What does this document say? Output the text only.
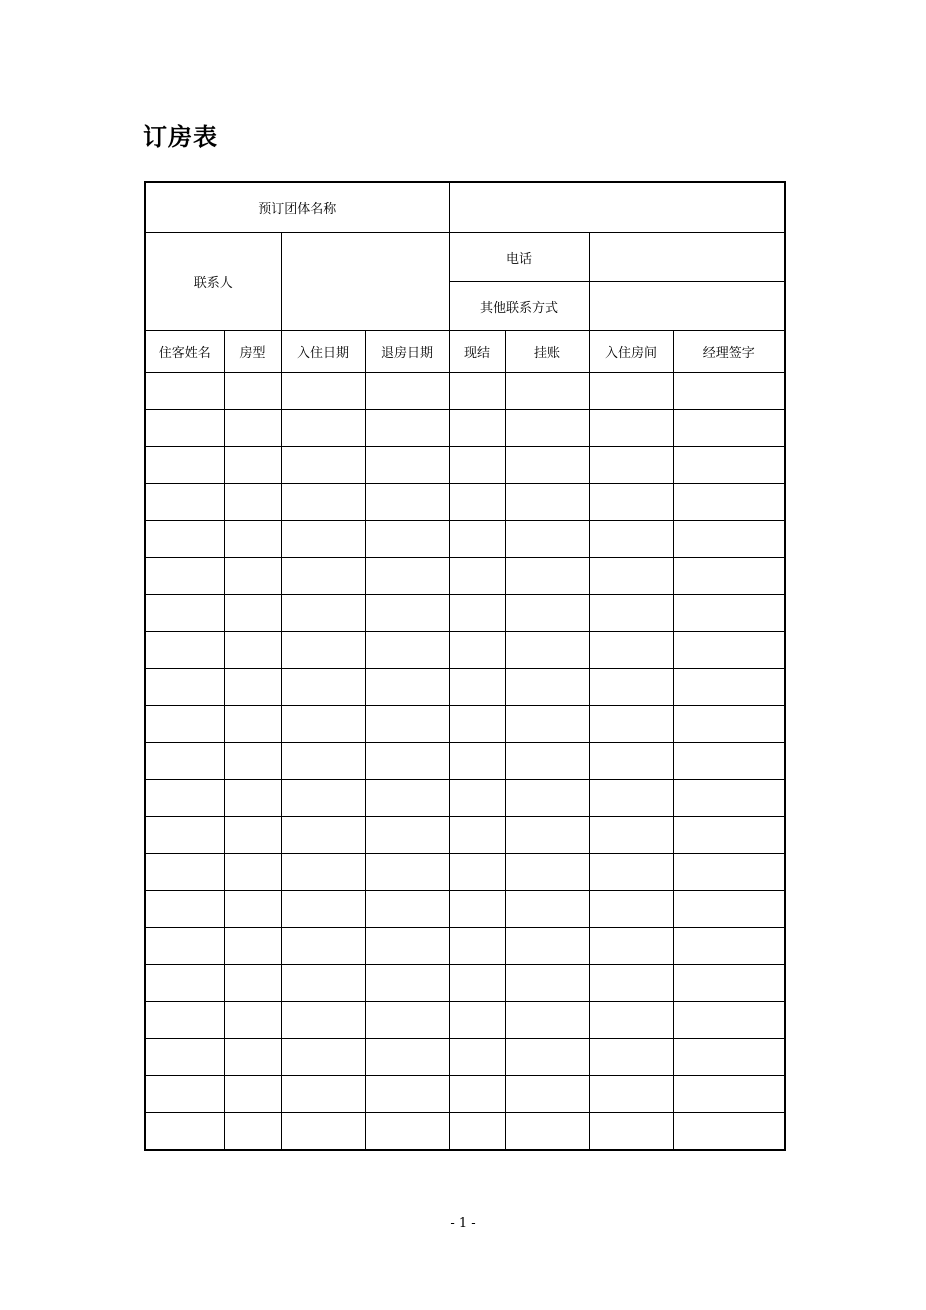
订房表
预订团体名称							
联系人				电话			
				其他联系方式			
住客姓名	房型	入住日期	退房日期	现结	挂账	入住房间	经理签字

- 1 -
